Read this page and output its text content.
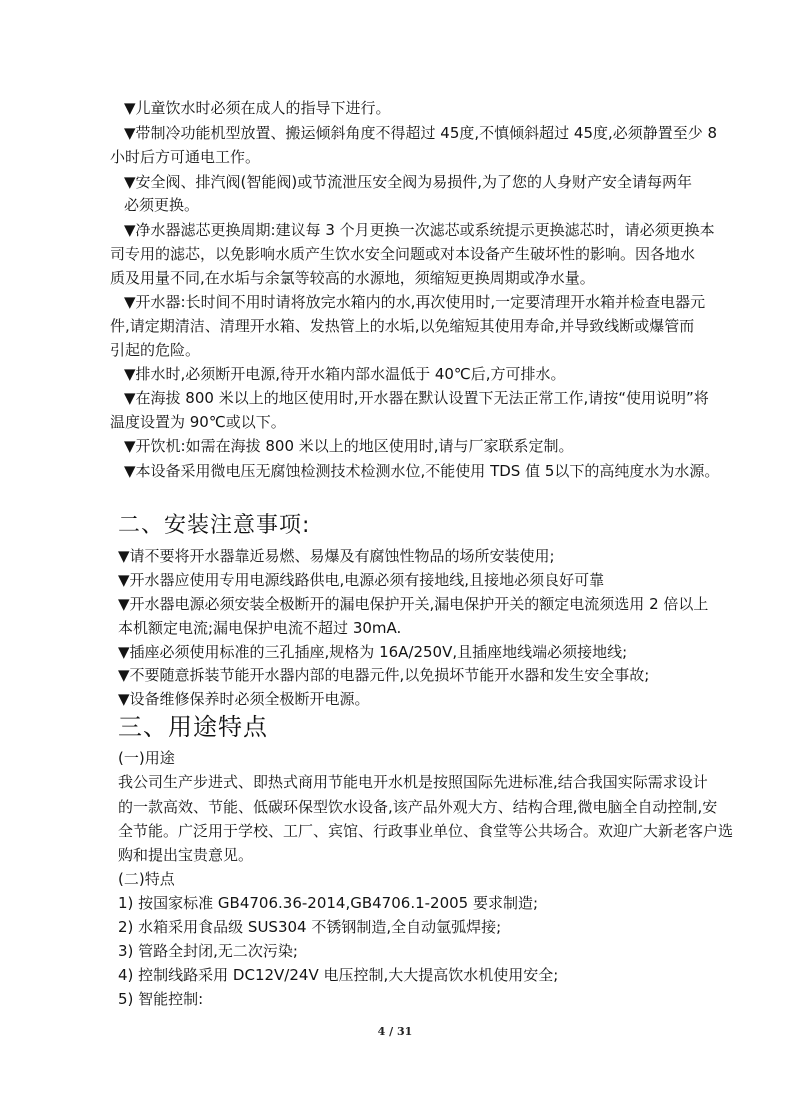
▼儿童饮水时必须在成人的指导下进行。
▼带制冷功能机型放置、搬运倾斜角度不得超过 45度,不慎倾斜超过 45度,必须静置至少 8
小时后方可通电工作。
▼安全阀、排汽阀(智能阀)或节流泄压安全阀为易损件,为了您的人身财产安全请每两年
必须更换。
▼净水器滤芯更换周期:建议每 3 个月更换一次滤芯或系统提示更换滤芯时，请必须更换本
司专用的滤芯，以免影响水质产生饮水安全问题或对本设备产生破坏性的影响。因各地水
质及用量不同,在水垢与余氯等较高的水源地，须缩短更换周期或净水量。
▼开水器:长时间不用时请将放完水箱内的水,再次使用时,一定要清理开水箱并检查电器元
件,请定期清洁、清理开水箱、发热管上的水垢,以免缩短其使用寿命,并导致线断或爆管而
引起的危险。
▼排水时,必须断开电源,待开水箱内部水温低于 40℃后,方可排水。
▼在海拔 800 米以上的地区使用时,开水器在默认设置下无法正常工作,请按“使用说明”将
温度设置为 90℃或以下。
▼开饮机:如需在海拔 800 米以上的地区使用时,请与厂家联系定制。
▼本设备采用微电压无腐蚀检测技术检测水位,不能使用 TDS 值 5以下的高纯度水为水源。
二、安装注意事项:
▼请不要将开水器靠近易燃、易爆及有腐蚀性物品的场所安装使用;
▼开水器应使用专用电源线路供电,电源必须有接地线,且接地必须良好可靠
▼开水器电源必须安装全极断开的漏电保护开关,漏电保护开关的额定电流须选用 2 倍以上
本机额定电流;漏电保护电流不超过 30mA.
▼插座必须使用标准的三孔插座,规格为 16A/250V,且插座地线端必须接地线;
▼不要随意拆装节能开水器内部的电器元件,以免损坏节能开水器和发生安全事故;
▼设备维修保养时必须全极断开电源。
三、用途特点
(一)用途
我公司生产步进式、即热式商用节能电开水机是按照国际先进标准,结合我国实际需求设计
的一款高效、节能、低碳环保型饮水设备,该产品外观大方、结构合理,微电脑全自动控制,安
全节能。广泛用于学校、工厂、宾馆、行政事业单位、食堂等公共场合。欢迎广大新老客户选
购和提出宝贵意见。
(二)特点
1) 按国家标准 GB4706.36-2014,GB4706.1-2005 要求制造;
2) 水箱采用食品级 SUS304 不锈钢制造,全自动氩弧焊接;
3) 管路全封闭,无二次污染;
4) 控制线路采用 DC12V/24V 电压控制,大大提高饮水机使用安全;
5) 智能控制:
4 / 31
